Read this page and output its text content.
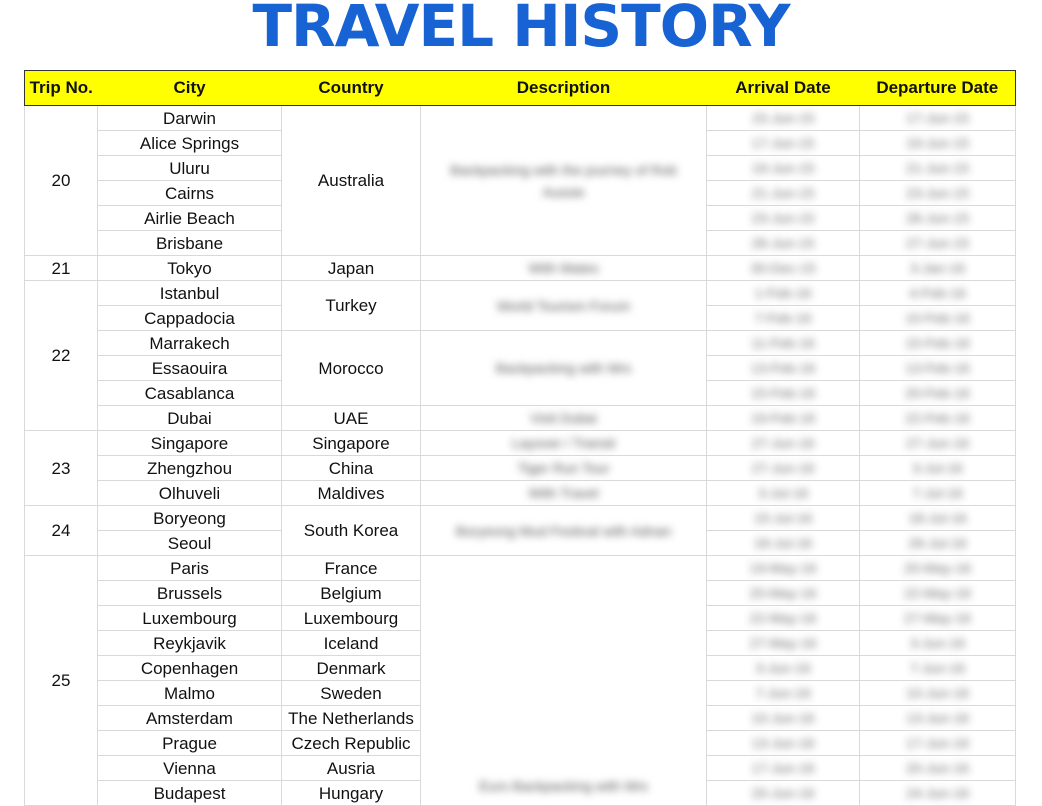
TRAVEL HISTORY
Trip No.	City	Country	Description	Arrival Date	Departure Date
20	Darwin	Australia	Backpacking with the journey of Rob Aussie	15-Jun-15	17-Jun-15
	Alice Springs			17-Jun-15	19-Jun-15
	Uluru			19-Jun-15	21-Jun-15
	Cairns			21-Jun-15	23-Jun-15
	Airlie Beach			23-Jun-15	26-Jun-15
	Brisbane			26-Jun-15	27-Jun-15
21	Tokyo	Japan	With Mates	30-Dec-15	3-Jan-16
22	Istanbul	Turkey	World Tourism Forum	1-Feb-16	4-Feb-16
	Cappadocia			7-Feb-16	10-Feb-16
	Marrakech	Morocco	Backpacking with Mrs	11-Feb-16	15-Feb-16
	Essaouira			13-Feb-16	13-Feb-16
	Casablanca			15-Feb-16	20-Feb-16
	Dubai	UAE	Visit Dubai	19-Feb-16	22-Feb-16
23	Singapore	Singapore	Layover / Transit	27-Jun-16	27-Jun-16
	Zhengzhou	China	Tiger Run Tour	27-Jun-16	3-Jul-16
	Olhuveli	Maldives	With Travel	3-Jul-16	7-Jul-16
24	Boryeong	South Korea	Boryeong Mud Festival with Adnan	15-Jul-16	18-Jul-16
	Seoul			18-Jul-16	26-Jul-16
25	Paris	France	Euro Backpacking with Mrs	19-May-16	20-May-16
	Brussels	Belgium		20-May-16	22-May-16
	Luxembourg	Luxembourg		22-May-16	27-May-16
	Reykjavik	Iceland		27-May-16	3-Jun-16
	Copenhagen	Denmark		3-Jun-16	7-Jun-16
	Malmo	Sweden		7-Jun-16	10-Jun-16
	Amsterdam	The Netherlands		10-Jun-16	13-Jun-16
	Prague	Czech Republic		13-Jun-16	17-Jun-16
	Vienna	Ausria		17-Jun-16	20-Jun-16
	Budapest	Hungary		20-Jun-16	24-Jun-16
